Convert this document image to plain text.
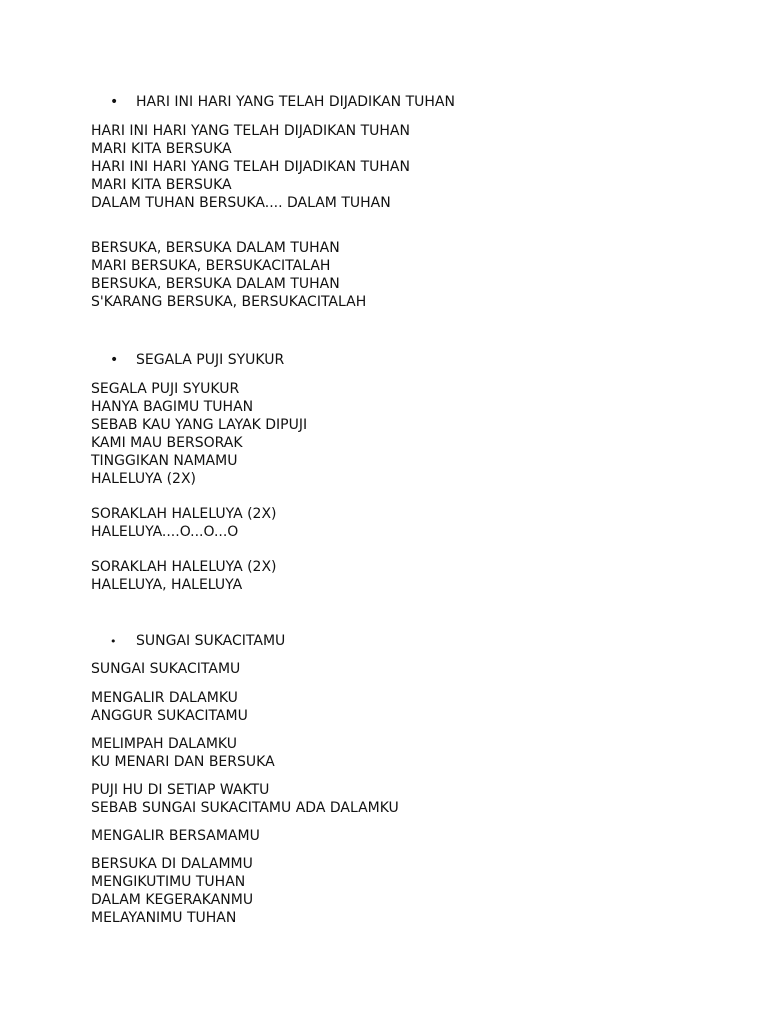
• HARI INI HARI YANG TELAH DIJADIKAN TUHAN
HARI INI HARI YANG TELAH DIJADIKAN TUHAN
MARI KITA BERSUKA
HARI INI HARI YANG TELAH DIJADIKAN TUHAN
MARI KITA BERSUKA
DALAM TUHAN BERSUKA.... DALAM TUHAN
BERSUKA, BERSUKA DALAM TUHAN
MARI BERSUKA, BERSUKACITALAH
BERSUKA, BERSUKA DALAM TUHAN
S'KARANG BERSUKA, BERSUKACITALAH
• SEGALA PUJI SYUKUR
SEGALA PUJI SYUKUR
HANYA BAGIMU TUHAN
SEBAB KAU YANG LAYAK DIPUJI
KAMI MAU BERSORAK
TINGGIKAN NAMAMU
HALELUYA (2X)
SORAKLAH HALELUYA (2X)
HALELUYA....O...O...O
SORAKLAH HALELUYA (2X)
HALELUYA, HALELUYA
• SUNGAI SUKACITAMU
SUNGAI SUKACITAMU
MENGALIR DALAMKU
ANGGUR SUKACITAMU
MELIMPAH DALAMKU
KU MENARI DAN BERSUKA
PUJI HU DI SETIAP WAKTU
SEBAB SUNGAI SUKACITAMU ADA DALAMKU
MENGALIR BERSAMAMU
BERSUKA DI DALAMMU
MENGIKUTIMU TUHAN
DALAM KEGERAKANMU
MELAYANIMU TUHAN
